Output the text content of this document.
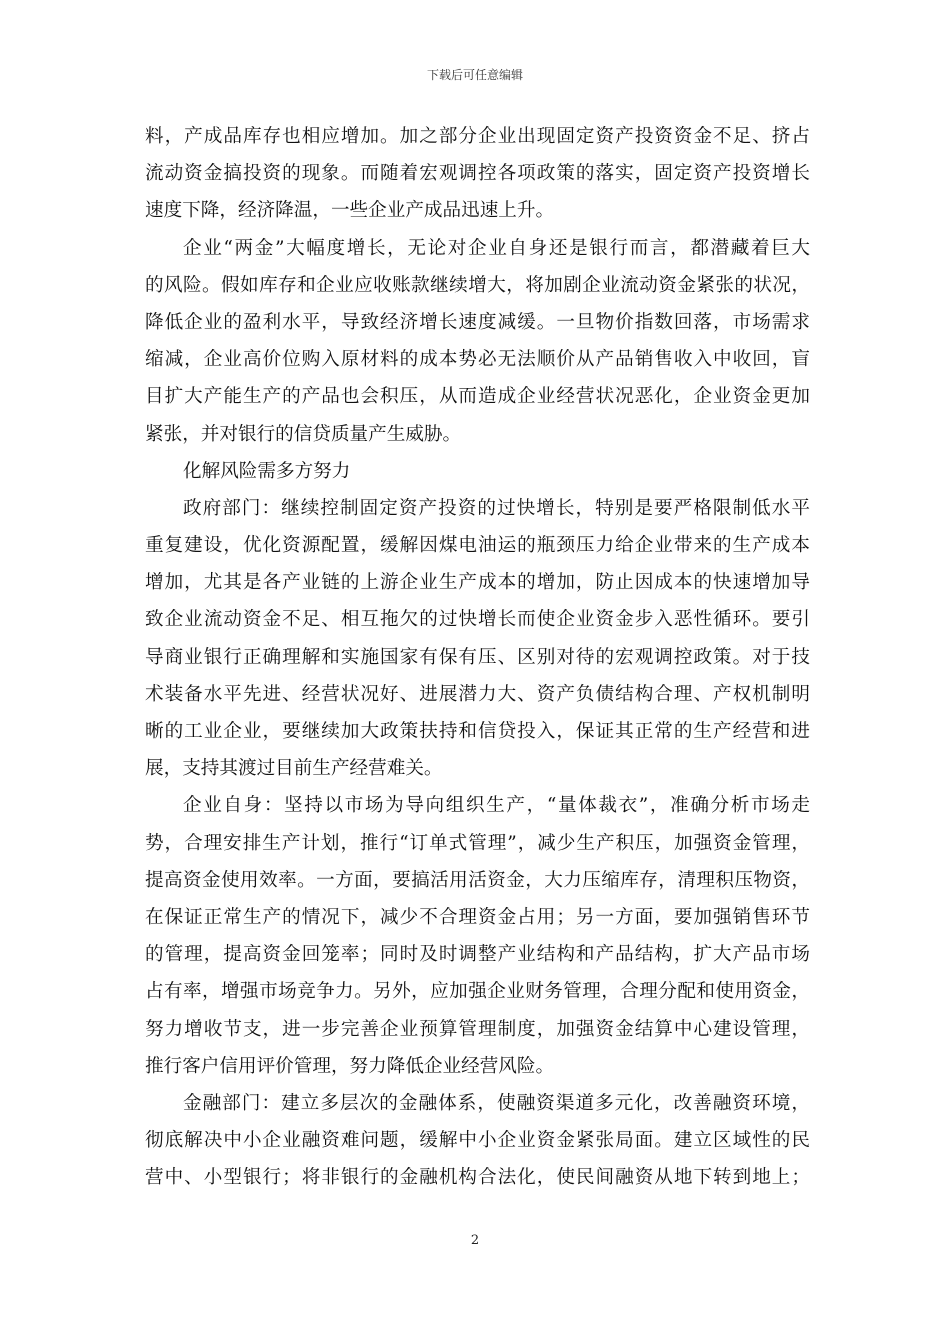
下载后可任意编辑
料，产成品库存也相应增加。加之部分企业出现固定资产投资资金不足、挤占
流动资金搞投资的现象。而随着宏观调控各项政策的落实，固定资产投资增长
速度下降，经济降温，一些企业产成品迅速上升。
企业“两金”大幅度增长，无论对企业自身还是银行而言，都潜藏着巨大
的风险。假如库存和企业应收账款继续增大，将加剧企业流动资金紧张的状况，
降低企业的盈利水平，导致经济增长速度减缓。一旦物价指数回落，市场需求
缩减，企业高价位购入原材料的成本势必无法顺价从产品销售收入中收回，盲
目扩大产能生产的产品也会积压，从而造成企业经营状况恶化，企业资金更加
紧张，并对银行的信贷质量产生威胁。
化解风险需多方努力
政府部门：继续控制固定资产投资的过快增长，特别是要严格限制低水平
重复建设，优化资源配置，缓解因煤电油运的瓶颈压力给企业带来的生产成本
增加，尤其是各产业链的上游企业生产成本的增加，防止因成本的快速增加导
致企业流动资金不足、相互拖欠的过快增长而使企业资金步入恶性循环。要引
导商业银行正确理解和实施国家有保有压、区别对待的宏观调控政策。对于技
术装备水平先进、经营状况好、进展潜力大、资产负债结构合理、产权机制明
晰的工业企业，要继续加大政策扶持和信贷投入，保证其正常的生产经营和进
展，支持其渡过目前生产经营难关。
企业自身：坚持以市场为导向组织生产，“量体裁衣”，准确分析市场走
势，合理安排生产计划，推行“订单式管理”，减少生产积压，加强资金管理，
提高资金使用效率。一方面，要搞活用活资金，大力压缩库存，清理积压物资，
在保证正常生产的情况下，减少不合理资金占用；另一方面，要加强销售环节
的管理，提高资金回笼率；同时及时调整产业结构和产品结构，扩大产品市场
占有率，增强市场竞争力。另外，应加强企业财务管理，合理分配和使用资金，
努力增收节支，进一步完善企业预算管理制度，加强资金结算中心建设管理，
推行客户信用评价管理，努力降低企业经营风险。
金融部门：建立多层次的金融体系，使融资渠道多元化，改善融资环境，
彻底解决中小企业融资难问题，缓解中小企业资金紧张局面。建立区域性的民
营中、小型银行；将非银行的金融机构合法化，使民间融资从地下转到地上；
2
